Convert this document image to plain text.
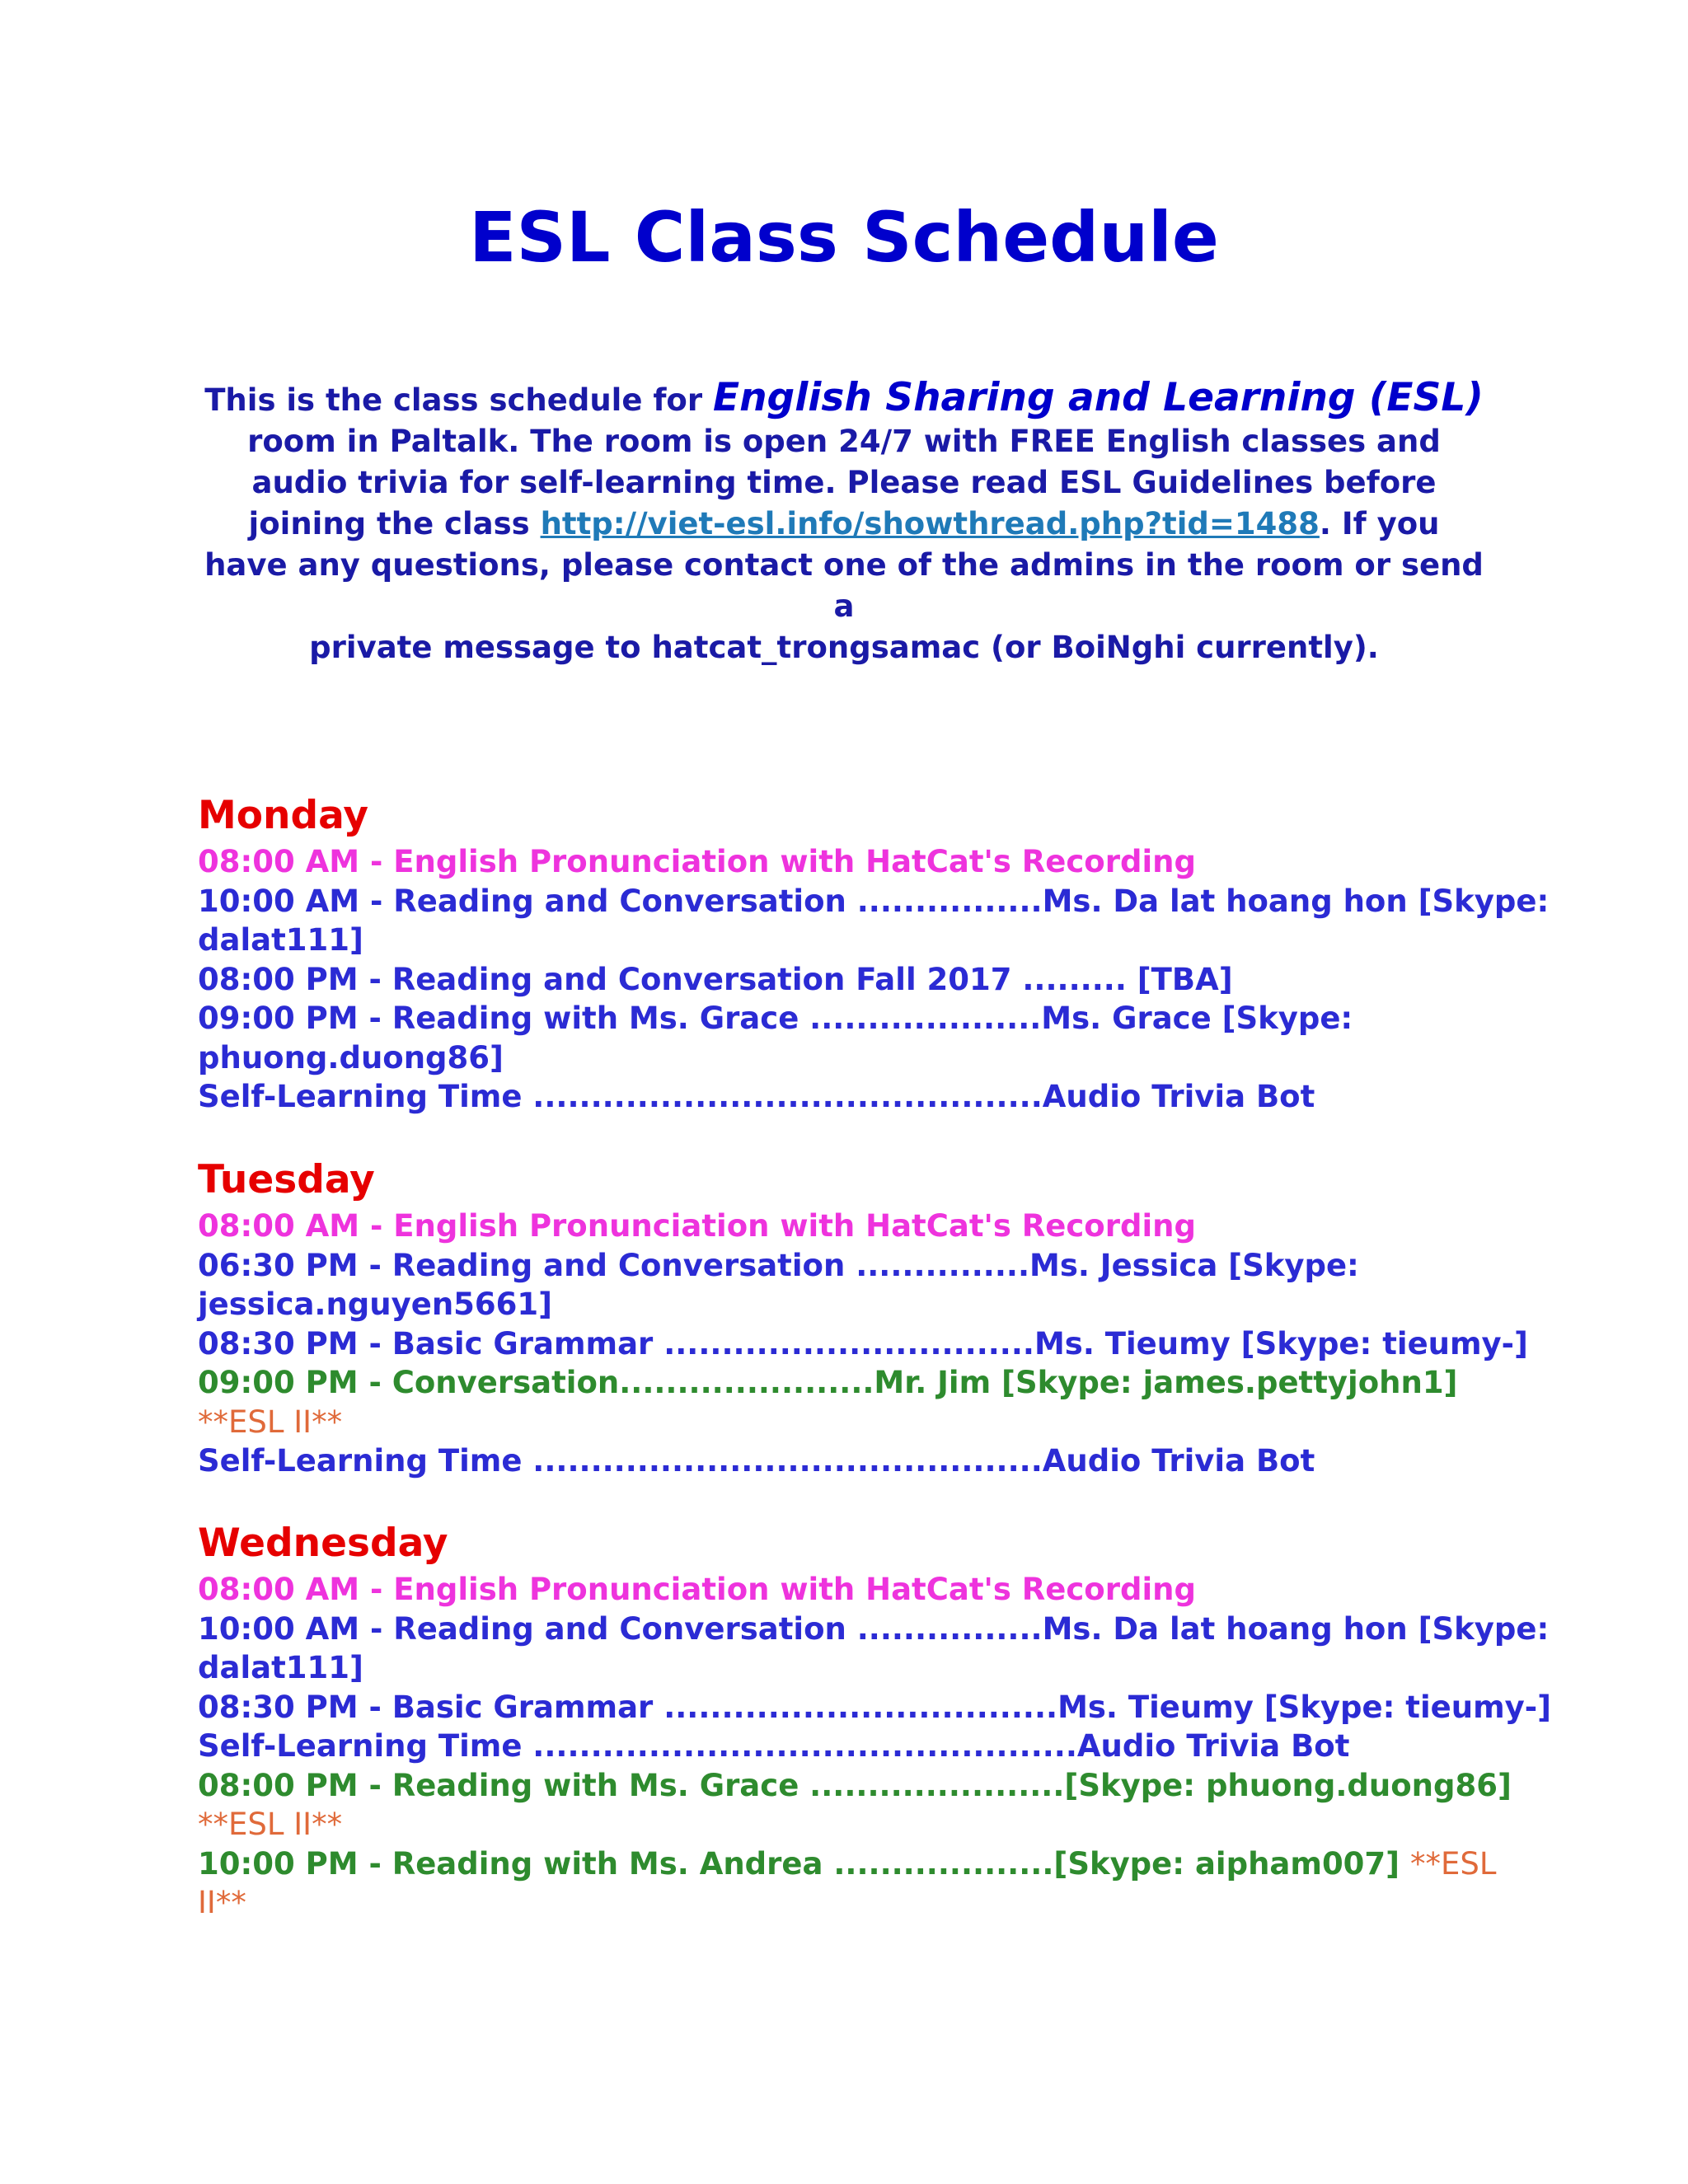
ESL Class Schedule
This is the class schedule for English Sharing and Learning (ESL)
room in Paltalk. The room is open 24/7 with FREE English classes and
audio trivia for self-learning time. Please read ESL Guidelines before
joining the class http://viet-esl.info/showthread.php?tid=1488. If you
have any questions, please contact one of the admins in the room or send a
private message to hatcat_trongsamac (or BoiNghi currently).
Monday
08:00 AM - English Pronunciation with HatCat's Recording
10:00 AM - Reading and Conversation ................Ms. Da lat hoang hon [Skype:
dalat111]
08:00 PM - Reading and Conversation Fall 2017 ......... [TBA]
09:00 PM - Reading with Ms. Grace ....................Ms. Grace [Skype:
phuong.duong86]
Self-Learning Time ............................................Audio Trivia Bot
Tuesday
08:00 AM - English Pronunciation with HatCat's Recording
06:30 PM - Reading and Conversation ...............Ms. Jessica [Skype:
jessica.nguyen5661]
08:30 PM - Basic Grammar ................................Ms. Tieumy [Skype: tieumy-]
09:00 PM - Conversation......................Mr. Jim [Skype: james.pettyjohn1]
**ESL II**
Self-Learning Time ............................................Audio Trivia Bot
Wednesday
08:00 AM - English Pronunciation with HatCat's Recording
10:00 AM - Reading and Conversation ................Ms. Da lat hoang hon [Skype:
dalat111]
08:30 PM - Basic Grammar ..................................Ms. Tieumy [Skype: tieumy-]
Self-Learning Time ...............................................Audio Trivia Bot
08:00 PM - Reading with Ms. Grace ......................[Skype: phuong.duong86]
**ESL II**
10:00 PM - Reading with Ms. Andrea ...................[Skype: aipham007] **ESL
II**
